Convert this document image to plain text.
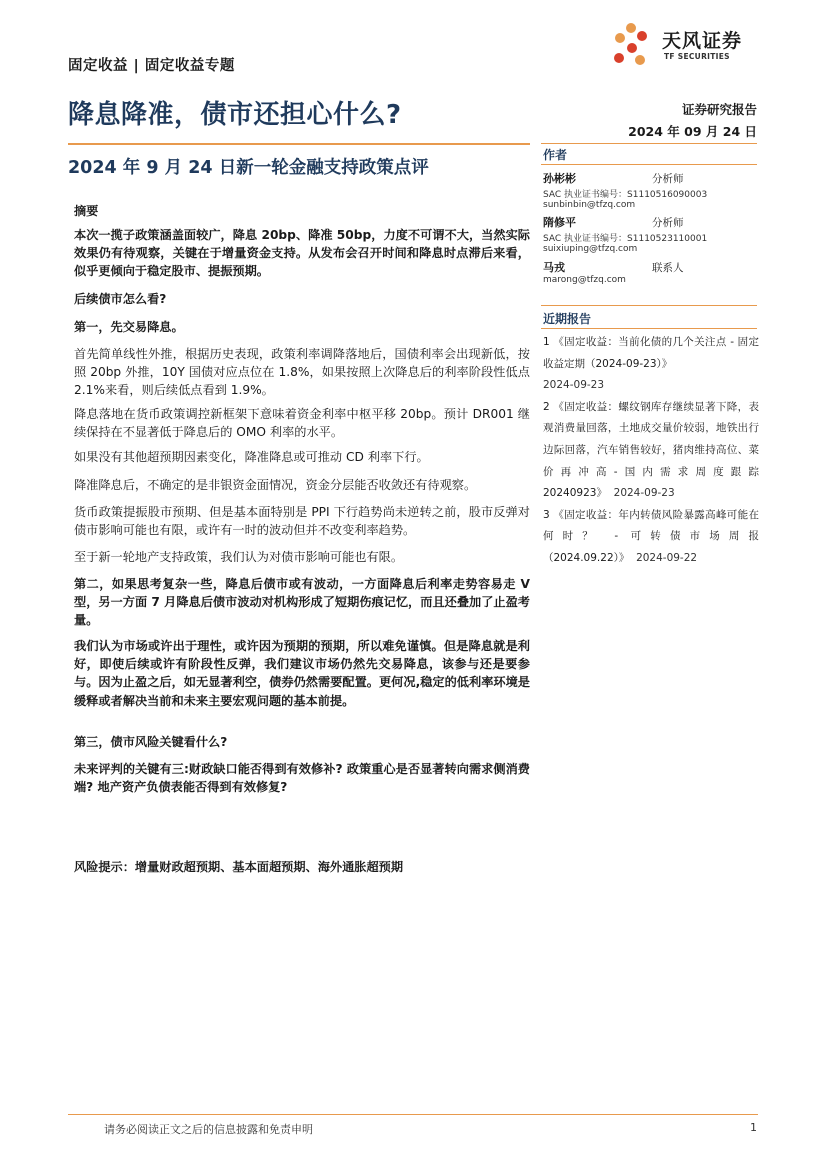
固定收益 | 固定收益专题
天风证券
TF SECURITIES
降息降准，债市还担心什么?
2024 年 9 月 24 日新一轮金融支持政策点评
证券研究报告
2024 年 09 月 24 日
作者
孙彬彬	分析师
SAC 执业证书编号：S1110516090003
sunbinbin@tfzq.com
隋修平	分析师
SAC 执业证书编号：S1110523110001
suixiuping@tfzq.com
马戎	联系人
marong@tfzq.com
近期报告
1 《固定收益：当前化债的几个关注点 - 固定收益定期（2024-09-23）》
2024-09-23
2 《固定收益：螺纹钢库存继续显著下降，表观消费量回落，土地成交量价较弱，地铁出行边际回落，汽车销售较好，猪肉维持高位、菜价再冲高-国内需求周度跟踪 20240923》 2024-09-23
3 《固定收益：年内转债风险暴露高峰可能在何时？ - 可转债市场周报（2024.09.22）》 2024-09-22
摘要
本次一揽子政策涵盖面较广，降息 20bp、降准 50bp，力度不可谓不大，当然实际效果仍有待观察，关键在于增量资金支持。从发布会召开时间和降息时点滞后来看，似乎更倾向于稳定股市、提振预期。
后续债市怎么看?
第一，先交易降息。
首先简单线性外推，根据历史表现，政策利率调降落地后，国债利率会出现新低，按照 20bp 外推，10Y 国债对应点位在 1.8%，如果按照上次降息后的利率阶段性低点 2.1%来看，则后续低点看到 1.9%。
降息落地在货币政策调控新框架下意味着资金利率中枢平移 20bp。预计 DR001 继续保持在不显著低于降息后的 OMO 利率的水平。
如果没有其他超预期因素变化，降准降息或可推动 CD 利率下行。
降准降息后，不确定的是非银资金面情况，资金分层能否收敛还有待观察。
货币政策提振股市预期、但是基本面特别是 PPI 下行趋势尚未逆转之前，股市反弹对债市影响可能也有限，或许有一时的波动但并不改变利率趋势。
至于新一轮地产支持政策，我们认为对债市影响可能也有限。
第二，如果思考复杂一些，降息后债市或有波动，一方面降息后利率走势容易走 V 型，另一方面 7 月降息后债市波动对机构形成了短期伤痕记忆，而且还叠加了止盈考量。
我们认为市场或许出于理性，或许因为预期的预期，所以难免谨慎。但是降息就是利好，即使后续或许有阶段性反弹，我们建议市场仍然先交易降息，该参与还是要参与。因为止盈之后，如无显著利空，债券仍然需要配置。更何况,稳定的低利率环境是缓释或者解决当前和未来主要宏观问题的基本前提。
第三，债市风险关键看什么?
未来评判的关键有三:财政缺口能否得到有效修补? 政策重心是否显著转向需求侧消费端? 地产资产负债表能否得到有效修复?
风险提示：增量财政超预期、基本面超预期、海外通胀超预期
请务必阅读正文之后的信息披露和免责申明	1
